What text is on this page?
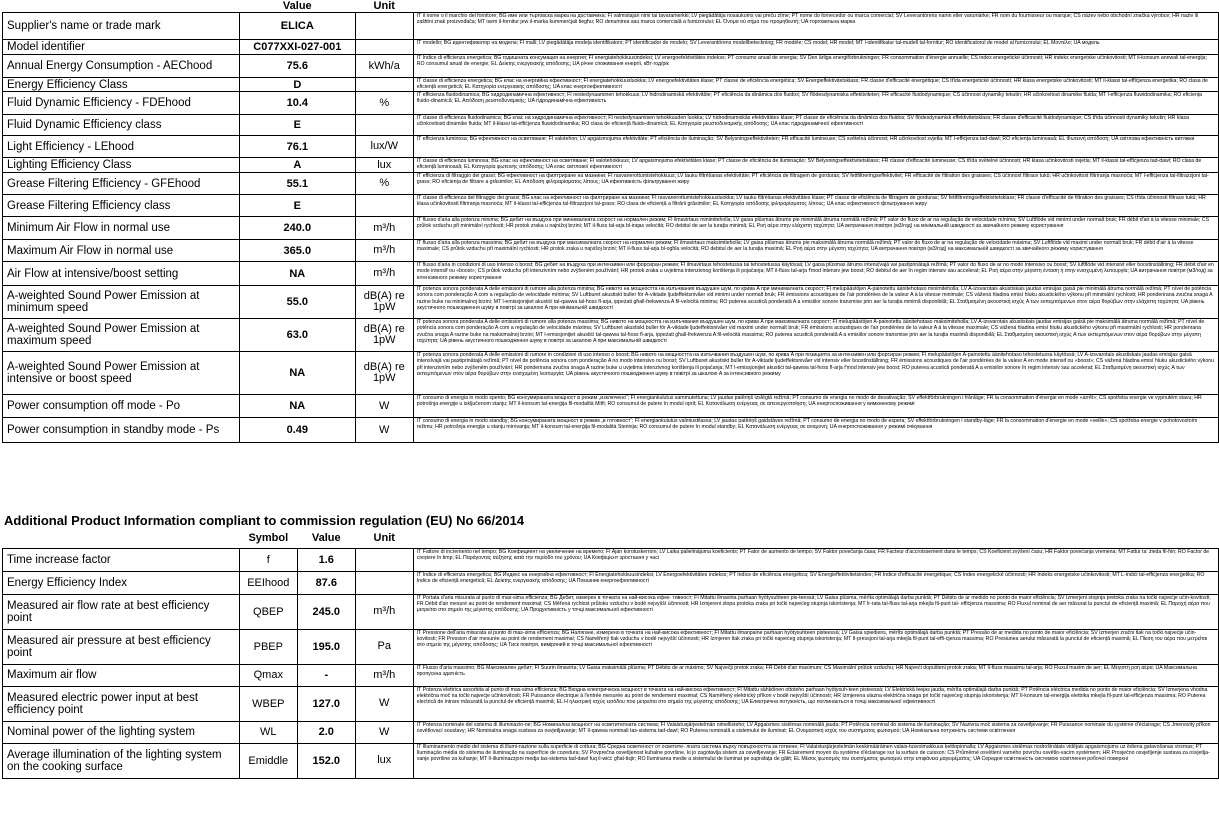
	Value	Unit	
Supplier's name or trade mark	ELICA		IT il nome o il marchio del fornitore; BG име или търговска марка на доставчика; FI valmistajan nimi tai tavaramerkki; LV piegādātāja nosaukums vai preču zīme; PT nome do fornecedor ou marca comercial; SV Leverantörens namn eller varumärke; FR nom du fournisseur ou marque; CS název nebo obchodní značka výrobce; HR naziv ili zaštitni znak proizvođača; MT isem il-fornitur jew il-marka kummerċjali tiegħu; RO denumirea sau marca comercială a furnizorului; EL Όνομα ού σήμα του προμηθευτή; UA торговельна марка

Model identifier	C077XXI-027-001		IT modello; BG идентификатор на модела; FI malli; LV piegādātāja modeļa identifikators; PT identificador de modelo; SV Leverantörens modellbeteckning; FR modèle; CS model; HR model; MT l-identifikatur tal-mudell tal-fornitur; RO identificatorul de model al furnizorului; EL Μοντέλο; UA модель

Annual Energy Consumption - AEChood	75.6	kWh/a	IT Indice di efficienza energetica; BG годишната консумация на енергия; FI energiatehokkuusindeksi; LV energoefektivitātes indekss; PT consumo anual de energia; SV Den årliga energiförbrukningen; FR consommation d'énergie annuelle; CS index energetické účinnosti; HR indeks energetske učinkovitosti; MT il-konsum annwali tal-energija; RO consumul anual de energie; EL Δείκτης ενεργειακής απόδοσης; UA річне споживання енергії, кВт·год/рік

Energy Efficiency Class	D		IT classe di efficienza energetica; BG клас на енергийна ефективност; FI energiatehokkuusluokka; LV energoefektivitātes klase; PT classe de eficiência energética; SV Energieffektivitetsklass; FR classe d'efficacité énergétique; CS třída energetické účinnosti; HR klasa energetske učinkovitosti; MT il-klassi tal-effiċjenza enerġetika; RO clasa de eficiență energetică; EL Κατηγορία ενεργειακής απόδοσης; UA клас енергоефективності

Fluid Dynamic Efficiency - FDEhood	10.4	%	IT efficienza fluidodinamica; BG хидродинамична ефективност; FI nestedynaaminen tehokkuus; LV hidrodinamiskā efektivitāte; PT eficiência da dinâmica dos fluidos; SV flödesdynamiska effektiviteten; FR efficacité fluidodynamique; CS účinnost dynamiky tekutin; HR učinkovitost dinamike fluida; MT l-effiċjenza fluwidodinamika; RO eficiența fluido-dinamică; EL Απόδοση ρευστοδυναμικής; UA гідродинамічна ефективність

Fluid Dynamic Efficiency class	E		IT classe di efficienza fluidodinamica; BG клас на хидродинамична ефективност; FI nestedynaamisen tehokkuuden luokka; LV hidrodinamiskās efektivitātes klase; PT classe de eficiência da dinâmica dos fluidos; SV flödesdynamisk effektivitetsklass; FR classe d'efficacité fluidodynamique; CS třída účinnosti dynamiky tekutin; HR klasa učinkovitosti dinamike fluida; MT il-klassi tal-effiċjenza fluwidodinamika; RO clasa de eficiență fluido-dinamică; EL Κατηγορία ρευστοδυναμικής απόδοσης; UA клас гідродинамічної ефективності

Light Efficiency - LEhood	76.1	lux/W	IT efficienza luminosa; BG ефективност на осветяване; FI valotehon; LV apgaismojuma efektivitāte; PT eficiência de iluminação; SV Belysningseffektiviteten; FR efficacité lumineuse; CS světelná účinnost; HR učinkovitost svjetla; MT l-effiċjenza tad-dawl; RO eficiența luminoasă; EL Φωτεινή απόδοση; UA світлова ефективність витяжки

Lighting Efficiency Class	A	lux	IT classe di efficienza luminosa; BG клас на ефективност на осветяване; FI valotehokkuus; LV apgaismojuma efektivitātes klase; PT classe de eficiência de iluminação; SV Belysningseffektivitetsklass; FR classe d'efficacité lumineuse; CS třída světelné účinnosti; HR klasa učinkovitosti svjetla; MT il-klassi tal-effiċjenza tad-dawl; RO clasa de eficiență luminoasă; EL Κατηγορία φωτεινής απόδοσης; UA клас світлової ефективності

Grease Filtering Efficiency - GFEhood	55.1	%	IT efficienza di filtraggio dei grassi; BG ефективност на филтриране на мазнини; FI rasvanerottumistehokkuus; LV tauku filtrēšanas efektivitāte; PT eficiência de filtragem de gorduras; SV fettfiltreringseffektivitet; FR efficacité de filtration des graisses; CS účinnost filtrace tuků; HR učinkovitost filtriranja masnoća; MT l-effiċjenza tal-filtrazzjoni tal-grass; RO eficiența de filtrare a grăsimilor; EL Απόδοση φιλτραρίσματος λίπους; UA ефективність фільтрування жиру

Grease Filtering Efficiency class	E		IT classe di efficienza del filtraggio dei grassi; BG клас на ефективност на филтриране на мазнини; FI rasvanerottumistehokkuusluokka; LV tauku filtrēšanas efektivitātes klase; PT classe de eficiência de filtragem de gorduras; SV fettfiltreringseffektivitetsklass; FR classe d'efficacité de filtration des graisses; CS třída účinnosti filtrace tuků; HR klasa učinkovitosti filtriranja masnoća; MT il-klassi tal-effiċjenza tal-filtrazzjoni tal-grass; RO clasa de eficiență a filtrării grăsimilor; EL Κατηγορία απόδοσης φιλτραρίσματος λίπους; UA клас ефективності фільтрування жиру

Minimum Air Flow in normal use	240.0	m³/h	IT flusso d'aria alla potenza minima; BG дебит на въздуха при минималната скорост на нормален режим; FI ilmavirtaus minimiteholla; LV gaisa plūsmas ātrums pie minimālā ātruma normālā režīmā; PT valor do fluxo de ar na regulação de velocidade mínima; SV Luftflöde vid minimi under normalt bruk; FR débit d'air à la vitesse minimale; CS průtok vzduchu při minimální rychlosti; HR protok zraka u najnižoj brzini; MT il-fluss tal-arja bl-inqas veloċità; RO debitul de aer la turația minimă; EL Ροή αέρα στην ελάχιστη ταχύτητα; UA витрачання повітря (м3/год) на мінімальній швидкості за звичайного режиму користування

Maximum Air Flow in normal use	365.0	m³/h	IT flusso d'aria alla potenza massima; BG дебит на въздуха при максималната скорост на нормален режим; FI ilmavirtaus maksimiteholla; LV gaisa plūsmas ātrums pie maksimālā ātruma normālā režīmā; PT valor do fluxo de ar na regulação de velocidade máxima; SV Luftflöde vid maximi under normalt bruk; FR débit d'air à la vitesse maximale; CS průtok vzduchu při maximální rychlosti; HR protok zraka u najvišoj brzini; MT il-fluss tal-arja bl-ogħla veloċità; RO debitul de aer la turația maximă; EL Ροή αέρα στην μέγιστη ταχύτητα; UA витрачання повітря (м3/год) на максимальній швидкості за звичайного режиму користування

Air Flow at intensive/boost setting	NA	m³/h	IT flusso d'aria in condizioni di uso intenso o boost; BG дебит на въздуха при интензивен или форсиран режим; FI ilmavirtaus tehostetussa tai tehostetussa käytössä; LV gaisa plūsmas ātrums intensīvajā vai pastiprinātajā režīmā; PT valor do fluxo de ar no modo intensivo ou boost; SV luftflöde vid intensivt eller boostinställning; FR débit d'air en mode intensif ou «boost»; CS průtok vzduchu při intenzivním nebo zvýšeném používání; HR protok zraka u uvjetima intenzivnog korištenja ili pojačanja; MT il-fluss tal-arja f'mod intensiv jew boost; RO debitul de aer în regim intensiv sau accelerat; EL Ροή αέρα στην μέγιστη ένταση ή στην ενισχυμένη λειτουργία; UA витрачання повітря (м3/год) за інтенсивного режиму користування

A-weighted Sound Power Emission at minimum speed	55.0	dB(A) re 1pW	IT potenza sonora ponderata A delle emissioni di rumore alla potenza minima; BG нивото на мощността на излъчвания въздушен шум, по крива A при минималната скорост; FI melupäästöjen A-painotettu äänitehotaso minimiteholla; LV A-izsvarotais akustiskais jaudas emisijas gaisā pie minimālā ātruma normālā režīmā; PT nível de potência sonora com ponderação A com a regulação de velocidade mínima; SV Luftburet akustiskt buller för A-viktade ljudeffektsnivåer vid minimi under normalt bruk; FR émissions acoustiques de l'air pondérées de la valeur A à la vitesse minimale; CS vážená hladina emisí hluku akustického výkonu při minimální rychlosti; HR ponderirana zvučna snaga A razine buke na minimalnoj brzini; MT l-emissjonijiet akustiċi tal-qawwa tal-ħoss fl-arja, ippeżati għall-frekwenza A fil-veloċità minima; RO puterea acustică ponderată A a emisiilor sonore transmise prin aer la turația minimă disponibilă; EL Σταθμισμένη ακουστική ισχύς A των εκπεμπόμενων στον αέρα θορύβων στην ελάχιστη ταχύτητα; UA рівень акустичного пошкодження шуму в повітрі за шкалою A при мінімальній швидкості

A-weighted Sound Power Emission at maximum speed	63.0	dB(A) re 1pW	IT potenza sonora ponderata A delle emissioni di rumore alla potenza massima; BG нивото на мощността на излъчвания въздушен шум, по крива A при максималната скорост; FI melupäästöjen A-painotettu äänitehotaso maksimiteholla; LV A-izsvarotais akustiskais jaudas emisijas gaisā pie maksimālā ātruma normālā režīmā; PT nível de potência sonora com ponderação A com a regulação de velocidade máxima; SV Luftburet akustiskt buller för A-viktade ljudeffektsnivåer vid maximi under normalt bruk; FR émissions acoustiques de l'air pondérées de la valeur A à la vitesse maximale; CS vážená hladina emisí hluku akustického výkonu při maximální rychlosti; HR ponderirana zvučna snaga A razine buke na maksimalnoj brzini; MT l-emissjonijiet akustiċi tal-qawwa tal-ħoss fl-arja, ippeżati għall-frekwenza A fil-veloċità massima; RO puterea acustică ponderată A a emisiilor sonore transmise prin aer la turația maximă disponibilă; EL Σταθμισμένη ακουστική ισχύς A των εκπεμπόμενων στον αέρα θορύβων στην μέγιστη ταχύτητα; UA рівень акустичного пошкодження шуму в повітрі за шкалою A при максимальній швидкості

A-weighted Sound Power Emission at intensive or boost speed	NA	dB(A) re 1pW	IT potenza sonora ponderata A delle emissioni di rumore in condizioni di uso intenso o boost; BG нивото на мощността на излъчвания въздушен шум, по крива A при позицията за интензивен или форсиран режим; FI melupäästöjen A-painotettu äänitehotaso tehostetussa käytössä; LV A-izsvarotais akustiskais jaudas emisijas gaisā intensīvajā vai pastiprinātajā režīmā; PT nível de potência sonora com ponderação A no modo intensivo ou boost; SV Luftburet akustiskt buller för A-viktade ljudeffektsnivåer vid intensiv eller boostinställning; FR émissions acoustiques de l'air pondérées de la valeur A en mode intensif ou «boost»; CS vážená hladina emisí hluku akustického výkonu při intenzivním nebo zvýšeném používání; HR ponderirana zvučna snaga A razine buke u uvjetima intenzivnog korištenja ili pojačanja; MT l-emissjonijiet akustiċi tal-qawwa tal-ħoss fl-arja f'mod intensiv jew boost; RO puterea acustică ponderată A a emisiilor sonore în regim intensiv sau accelerat; EL Σταθμισμένη ακουστική ισχύς A των εκπεμπόμενων στον αέρα θορύβων στην ενισχυμένη λειτουργία; UA рівень акустичного пошкодження шуму в повітрі за шкалою A за інтенсивного режиму

Power consumption off mode - Po	NA	W	IT consumo di energia in modo spento; BG консумираната мощност в режим „изключено“; FI energiankulutus sammutettuna; LV jaudas patēriņš izslēgtā režīmā; PT consumo de energia no modo de desativação; SV effektförbrukningen i frånläge; FR la consommation d'énergie en mode «arrêt»; CS spotřeba energie ve vypnutém stavu; HR potrošnja energije u isključenom stanju; MT il-konsum tal-enerġija fil-modalità Mitfi; RO consumul de putere în modul oprit; EL Κατανάλωση ενέργειας σε απενεργοποίηση; UA енергоспоживання у вимкненому режимі

Power consumption in standby mode - Ps	0.49	W	IT consumo di energia in modo standby; BG консумираната мощност в режим „в готовност“; FI energiankulutus valmiustilassa; LV jaudas patēriņš gaidstāves režīmā; PT consumo de energia no modo de espera; SV effektförbrukningen i standby-läge; FR la consommation d'énergie en mode «veille»; CS spotřeba energie v pohotovostním režimu; HR potrošnja energije u stanju mirovanja; MT il-konsum tal-enerġija fil-modalità Stennija; RO consumul de putere în modul standby; EL Κατανάλωση ενέργειας σε αναμονή; UA енергоспоживання у режимі очікування
Additional Product Information compliant to commission regulation (EU) No 66/2014
	Symbol	Value	Unit	
Time increase factor	f	1.6		IT Fattore di incremento nel tempo; BG Коефициент на увеличение на времето; FI Ajan korotuskerroin; LV Laika palielinājuma koeficients; PT Fator de aumento de tempo; SV Faktor povečanja časa; FR Facteur d'accroissement dans le temps; CS Koeficient zvýšení času; HR Faktor povećanja vremena; MT Fattur ta' żieda fil-ħin; RO Factor de creștere în timp; EL Παράγοντας αύξησης κατά την περίοδο του χρόνου; UA Коефіцієнт зростання у часі

Energy Efficiency Index	EEIhood	87.6		IT Indice di efficienza energetica; BG Индекс на енергийна ефективност; FI Energiatehokkuusindeksi; LV Energoefektivitātes indekss; PT Índice de eficiência energética; SV Energieffektivitetsindex; FR Indice d'efficacité énergétique; CS Index energetické účinnosti; HR Indeks energetske učinkovitosti; MT L-indiċi tal-effiċjenza enerġetika; RO Indice de eficiență energetică; EL Δείκτης ενεργειακής απόδοσης; UA Показник енергоефективності

Measured air flow rate at best efficiency point	QBEP	245.0	m³/h	IT Portata d'aria misurata al punto di mas-sima efficienza; BG Дебит, измерен в точката на най-висока ефек- тивност; FI Mitattu ilmavirta parhaan hyötysuhteen pis-teessä; LV Gaisa plūsma, mērīta optimālajā darba punktā; PT Débito de ar medido no ponto de maior eficiência; SV Izmerjeni stopnja pretoka zraka na točki najvećje učin-kovitosti; FR Débit d'air mesuré au point de rendement maximal; CS Měřená rychlost průtoku vzduchu v bodě nejvyšší účinnosti; HR Izmjereni stopa protoka zraka pri točki najvećeg stupnja iskoristenja; MT Ir-rata tal-fluss tal-arja mkejla fil-punt tal- effiċjenza massima; RO Fluxul nominal de aer măsurat la punctul de eficiență maximă; EL Παροχή αέρα που μετρείται στο σημείο της μέγιστης απόδοσης; UA Продуктивність у точці максимальної ефективності

Measured air pressure at best efficiency point	PBEP	195.0	Pa	IT Pressione dell'aria misurata al punto di mas-sima efficienza; BG Налягане, измерено в точката на най-висока ефективност; FI Mitattu ilmanpaine parhaan hyötysuhteen pisteessä; LV Gaisa spiediens, mērīts optimālajā darba punktā; PT Pressão de ar medida no ponto de maior eficiência; SV Izmerjen zračni tlak na točki najvećje učin-kovitosti; FR Pression d'air mesurée au point de rendement maximal; CS Naměřený tlak vzduchu v bodě nejvyšší účinnosti; HR Izmjeren tlak zraka pri točki najvećeg stupnja iskoristenja; MT Il-pressjoni tal-arja mkejla fil-punt tal-effi-ċjenza massima; RO Presiunea aerului măsurată la punctul de eficiență maximă; EL Πίεση του αέρα που μετρείται στο σημείο της μέγιστης απόδοσης; UA Тиск повітря, виміряний в точці максимальної ефективності

Maximum air flow	Qmax	-	m³/h	IT Flusso d'aria massimo; BG Максимален дебит; FI Suurin ilmavirta; LV Gaisa maksimālā plūsma; PT Débito de ar máximo; SV Največji pretok zraka; FR Débit d'air maximum; CS Maximální průtok vzduchu; HR Najveći dopušteni protok zraka; MT Il-fluss massimu tal-arja; RO Fluxul maxim de aer; EL Μέγιστη ροή αέρα; UA Максимальна пропускна здатність

Measured electric power input at best efficiency point	WBEP	127.0	W	IT Potenza elettrica assorbita al punto di mas-sima efficienza; BG Входна електрическа мощност в точката на най-висока ефективност; FI Mitattu sähköinen ottoteho parhaan hyötysuh-teen pisteessä; LV Elektriskā ieejas jauda, mērīta optimālajā darba punktā; PT Potência eléctrica medida no ponto de maior eficiência; SV Izmerjena vhodna električna moč na točki najvećje učinkovitosti; FR Puissance électrique à l'entrée mesurée au point de rendement maximal; CS Naměřený elektrický příkon v bodě nejvyšší účinnosti; HR Izmjerena ulazna električna snaga pri točki najvećeg stupnja iskoristenja; MT Il-konsum tal-enerġija elettrika mkejla fil-punt tal-effiċjenza massima; RO Puterea electrică de intrare măsurată la punctul de eficiență maximă; EL Η ηλεκτρική ισχύς εισόδου που μετρείται στο σημείο της μέγιστης απόδοσης; UA Електрична потужність, що поглинається в точці максимальної ефективності

Nominal power of the lighting system	WL	2.0	W	IT Potenza nominale del sistema di illuminazio-ne; BG Номинална мощност на осветителната система; FI Valaistusjärjestelmän nimellisteho; LV Apgaismes sistēmas nominālā jauda; PT Potência nominal do sistema de iluminação; SV Nazivna moč sistema za osvetljevanje; FR Puissance nominale du système d'éclairage; CS Jmenovitý příkon osvětlovací soustavy; HR Nominalna snaga sustava za osvjetljavanje; MT Il-qawwa nominali tas-sistema tad-dawl; RO Puterea nominală a sistemului de iluminat; EL Ονομαστική ισχύς του συστήματος φωτισμού; UA Номінальна потужність системи освітлення

Average illumination of the lighting system on the cooking surface	Emiddle	152.0	lux	IT Illuminamento medio del sistema di illumi-nazione sulla superficie di cottura; BG Средна осветеност от осветите- лната система върху повърхността за готвене; FI Valaistusjärjestelmän keskimääräinen valais-tusvoimakkuus keittopinnalla; LV Apgaismes sistēmas nodrošinātais vidējais apgaismojums uz ēdiena gatavošanas virsmas; PT Iluminação média do sistema de iluminação na superfície de cozedura; SV Povprečna osvetljenost kuhalne površine, ki jo zagotavlja sistem za osvetljevanje; FR Éclairement moyen du système d'éclairage sur la surface de cuisson; CS Průměrné osvětlení varného povrchu osvětlo-vacím systémem; HR Prosječno osvjetljenje sustava za osvjetlja-vanje površine za kuhanje; MT Il-illuminazzjoni medja tas-sistema tad-dawl fuq il-wiċċ għat-tisjir; RO Iluminarea medie a sistemului de iluminat pe suprafața de gătit; EL Μέσος φωτισμός του συστήματος φωτισμού στην επιφάνεια μαγειρέματος; UA Середня освітленість системою освітлення робочої поверхні
